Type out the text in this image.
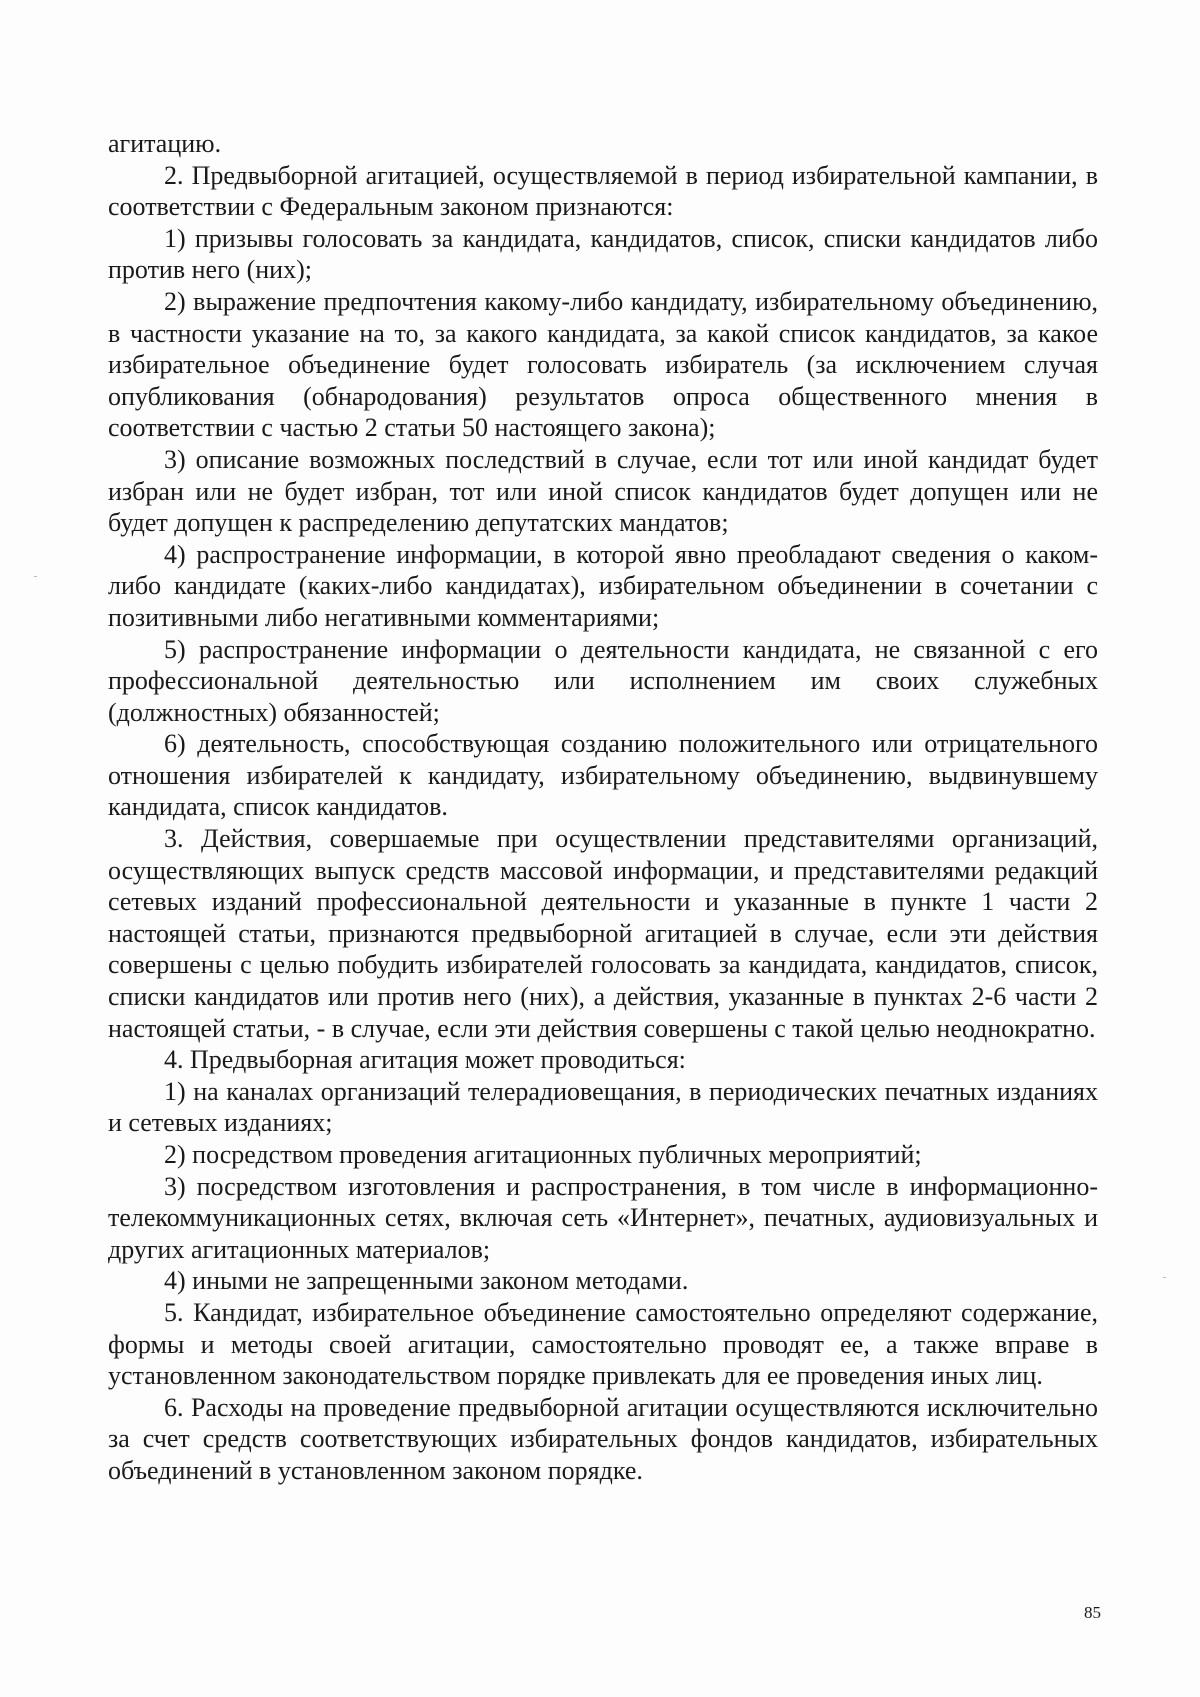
агитацию.

2. Предвыборной агитацией, осуществляемой в период избирательной кампании, в соответствии с Федеральным законом признаются:

1) призывы голосовать за кандидата, кандидатов, список, списки кандидатов либо против него (них);

2) выражение предпочтения какому-либо кандидату, избирательному объединению, в частности указание на то, за какого кандидата, за какой список кандидатов, за какое избирательное объединение будет голосовать избиратель (за исключением случая опубликования (обнародования) результатов опроса общественного мнения в соответствии с частью 2 статьи 50 настоящего закона);

3) описание возможных последствий в случае, если тот или иной кандидат будет избран или не будет избран, тот или иной список кандидатов будет допущен или не будет допущен к распределению депутатских мандатов;

4) распространение информации, в которой явно преобладают сведения о каком-либо кандидате (каких-либо кандидатах), избирательном объединении в сочетании с позитивными либо негативными комментариями;

5) распространение информации о деятельности кандидата, не связанной с его профессиональной деятельностью или исполнением им своих служебных (должностных) обязанностей;

6) деятельность, способствующая созданию положительного или отрицательного отношения избирателей к кандидату, избирательному объединению, выдвинувшему кандидата, список кандидатов.

3. Действия, совершаемые при осуществлении представителями организаций, осуществляющих выпуск средств массовой информации, и представителями редакций сетевых изданий профессиональной деятельности и указанные в пункте 1 части 2 настоящей статьи, признаются предвыборной агитацией в случае, если эти действия совершены с целью побудить избирателей голосовать за кандидата, кандидатов, список, списки кандидатов или против него (них), а действия, указанные в пунктах 2-6 части 2 настоящей статьи, - в случае, если эти действия совершены с такой целью неоднократно.

4. Предвыборная агитация может проводиться:

1) на каналах организаций телерадиовещания, в периодических печатных изданиях и сетевых изданиях;

2) посредством проведения агитационных публичных мероприятий;

3) посредством изготовления и распространения, в том числе в информационно-телекоммуникационных сетях, включая сеть «Интернет», печатных, аудиовизуальных и других агитационных материалов;

4) иными не запрещенными законом методами.

5. Кандидат, избирательное объединение самостоятельно определяют содержание, формы и методы своей агитации, самостоятельно проводят ее, а также вправе в установленном законодательством порядке привлекать для ее проведения иных лиц.

6. Расходы на проведение предвыборной агитации осуществляются исключительно за счет средств соответствующих избирательных фондов кандидатов, избирательных объединений в установленном законом порядке.

85
